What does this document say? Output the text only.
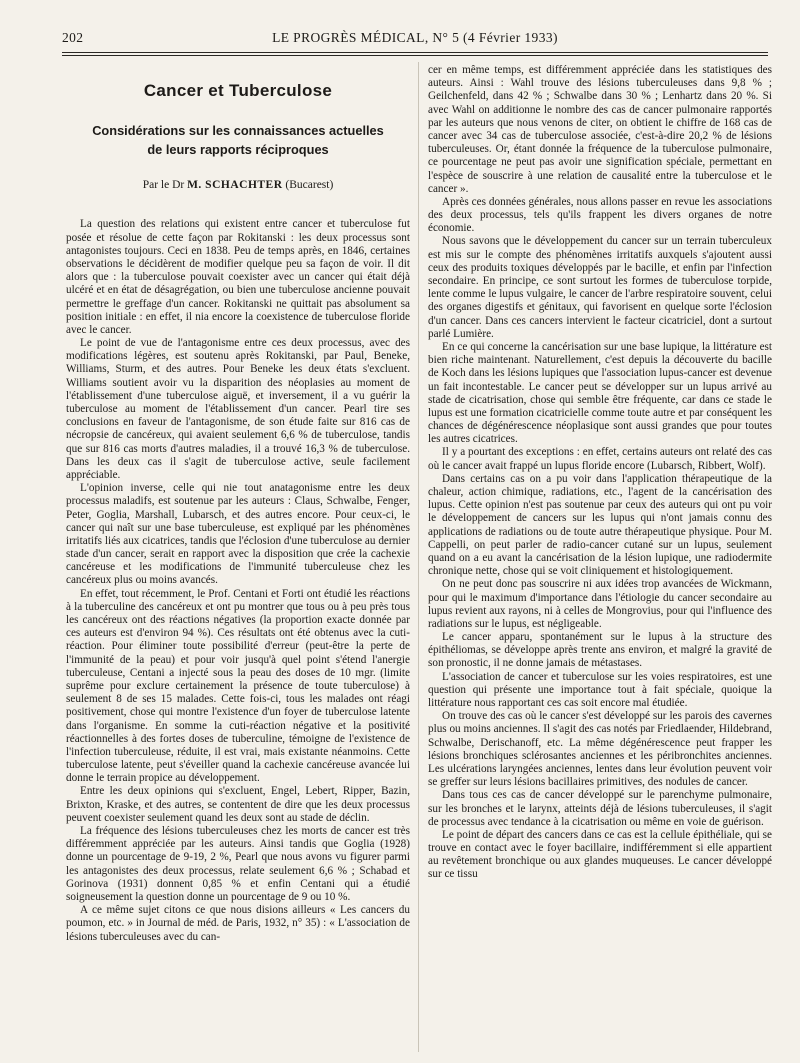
202	LE PROGRÈS MÉDICAL, N° 5 (4 Février 1933)
Cancer et Tuberculose
Considérations sur les connaissances actuelles
de leurs rapports réciproques
Par le Dr M. SCHACHTER (Bucarest)

La question des relations qui existent entre cancer et tuberculose fut posée et résolue de cette façon par Rokitanski : les deux processus sont antagonistes toujours. Ceci en 1838. Peu de temps après, en 1846, certaines observations le décidèrent de modifier quelque peu sa façon de voir. Il dit alors que : la tuberculose pouvait coexister avec un cancer qui était déjà ulcéré et en état de désagrégation, ou bien une tuberculose ancienne pouvait permettre le greffage d'un cancer. Rokitanski ne quittait pas absolument sa position initiale : en effet, il nia encore la coexistence de tuberculose floride avec le cancer.

Le point de vue de l'antagonisme entre ces deux processus, avec des modifications légères, est soutenu après Rokitanski, par Paul, Beneke, Williams, Sturm, et des autres. Pour Beneke les deux états s'excluent. Williams soutient avoir vu la disparition des néoplasies au moment de l'établissement d'une tuberculose aiguë, et inversement, il a vu guérir la tuberculose au moment de l'établissement d'un cancer. Pearl tire ses conclusions en faveur de l'antagonisme, de son étude faite sur 816 cas de nécropsie de cancéreux, qui avaient seulement 6,6 % de tuberculose, tandis que sur 816 cas morts d'autres maladies, il a trouvé 16,3 % de tuberculose. Dans les deux cas il s'agit de tuberculose active, seule facilement appréciable.

L'opinion inverse, celle qui nie tout anatagonisme entre les deux processus maladifs, est soutenue par les auteurs : Claus, Schwalbe, Fenger, Peter, Goglia, Marshall, Lubarsch, et des autres encore. Pour ceux-ci, le cancer qui naît sur une base tuberculeuse, est expliqué par les phénomènes irritatifs liés aux cicatrices, tandis que l'éclosion d'une tuberculose au dernier stade d'un cancer, serait en rapport avec la disposition que crée la cachexie cancéreuse et les modifications de l'immunité tuberculeuse chez les cancéreux plus ou moins avancés.

En effet, tout récemment, le Prof. Centani et Forti ont étudié les réactions à la tuberculine des cancéreux et ont pu montrer que tous ou à peu près tous les cancéreux ont des réactions négatives (la proportion exacte donnée par ces auteurs est d'environ 94 %). Ces résultats ont été obtenus avec la cuti-réaction. Pour éliminer toute possibilité d'erreur (peut-être la perte de l'immunité de la peau) et pour voir jusqu'à quel point s'étend l'anergie tuberculeuse, Centani a injecté sous la peau des doses de 10 mgr. (limite suprême pour exclure certainement la présence de toute tuberculose) à seulement 8 de ses 15 malades. Cette fois-ci, tous les malades ont réagi positivement, chose qui montre l'existence d'un foyer de tuberculose latente dans l'organisme. En somme la cuti-réaction négative et la positivité réactionnelles à des fortes doses de tuberculine, témoigne de l'existence de l'infection tuberculeuse, réduite, il est vrai, mais existante néanmoins. Cette tuberculose latente, peut s'éveiller quand la cachexie cancéreuse avancée lui donne le terrain propice au développement.

Entre les deux opinions qui s'excluent, Engel, Lebert, Ripper, Bazin, Brixton, Kraske, et des autres, se contentent de dire que les deux processus peuvent coexister seulement quand les deux sont au stade de déclin.

La fréquence des lésions tuberculeuses chez les morts de cancer est très différemment appréciée par les auteurs. Ainsi tandis que Goglia (1928) donne un pourcentage de 9-19, 2 %, Pearl que nous avons vu figurer parmi les antagonistes des deux processus, relate seulement 6,6 % ; Schabad et Gorinova (1931) donnent 0,85 % et enfin Centani qui a étudié soigneusement la question donne un pourcentage de 9 ou 10 %.

A ce même sujet citons ce que nous disions ailleurs « Les cancers du poumon, etc. » in Journal de méd. de Paris, 1932, n° 35) : « L'association de lésions tuberculeuses avec du can-

cer en même temps, est différemment appréciée dans les statistiques des auteurs. Ainsi : Wahl trouve des lésions tuberculeuses dans 9,8 % ; Geilchenfeld, dans 42 % ; Schwalbe dans 30 % ; Lenhartz dans 20 %. Si avec Wahl on additionne le nombre des cas de cancer pulmonaire rapportés par les auteurs que nous venons de citer, on obtient le chiffre de 168 cas de cancer avec 34 cas de tuberculose associée, c'est-à-dire 20,2 % de lésions tuberculeuses. Or, étant donnée la fréquence de la tuberculose pulmonaire, ce pourcentage ne peut pas avoir une signification spéciale, permettant en l'espèce de souscrire à une relation de causalité entre la tuberculose et le cancer ».

Après ces données générales, nous allons passer en revue les associations des deux processus, tels qu'ils frappent les divers organes de notre économie.

Nous savons que le développement du cancer sur un terrain tuberculeux est mis sur le compte des phénomènes irritatifs auxquels s'ajoutent aussi ceux des produits toxiques développés par le bacille, et enfin par l'infection secondaire. En principe, ce sont surtout les formes de tuberculose torpide, lente comme le lupus vulgaire, le cancer de l'arbre respiratoire souvent, celui des organes digestifs et génitaux, qui favorisent en quelque sorte l'éclosion d'un cancer. Dans ces cancers intervient le facteur cicatriciel, dont a surtout parlé Lumière.

En ce qui concerne la cancérisation sur une base lupique, la littérature est bien riche maintenant. Naturellement, c'est depuis la découverte du bacille de Koch dans les lésions lupiques que l'association lupus-cancer est devenue un fait incontestable. Le cancer peut se développer sur un lupus arrivé au stade de cicatrisation, chose qui semble être fréquente, car dans ce stade le lupus est une formation cicatricielle comme toute autre et par conséquent les chances de dégénérescence néoplasique sont aussi grandes que pour toutes les autres cicatrices.

Il y a pourtant des exceptions : en effet, certains auteurs ont relaté des cas où le cancer avait frappé un lupus floride encore (Lubarsch, Ribbert, Wolf).

Dans certains cas on a pu voir dans l'application thérapeutique de la chaleur, action chimique, radiations, etc., l'agent de la cancérisation des lupus. Cette opinion n'est pas soutenue par ceux des auteurs qui ont pu voir le développement de cancers sur les lupus qui n'ont jamais connu des applications de radiations ou de toute autre thérapeutique physique. Pour M. Cappelli, on peut parler de radio-cancer cutané sur un lupus, seulement quand on a eu avant la cancérisation de la lésion lupique, une radiodermite chronique nette, chose qui se voit cliniquement et histologiquement.

On ne peut donc pas souscrire ni aux idées trop avancées de Wickmann, pour qui le maximum d'importance dans l'étiologie du cancer secondaire au lupus revient aux rayons, ni à celles de Mongrovius, pour qui l'influence des radiations sur le lupus, est négligeable.

Le cancer apparu, spontanément sur le lupus à la structure des épithéliomas, se développe après trente ans environ, et malgré la gravité de son pronostic, il ne donne jamais de métastases.

L'association de cancer et tuberculose sur les voies respiratoires, est une question qui présente une importance tout à fait spéciale, quoique la littérature nous rapportant ces cas soit encore mal étudiée.

On trouve des cas où le cancer s'est développé sur les parois des cavernes plus ou moins anciennes. Il s'agit des cas notés par Friedlaender, Hildebrand, Schwalbe, Derischanoff, etc. La même dégénérescence peut frapper les lésions bronchiques sclérosantes anciennes et les péribronchites anciennes. Les ulcérations laryngées anciennes, lentes dans leur évolution peuvent voir se greffer sur leurs lésions bacillaires primitives, des nodules de cancer.

Dans tous ces cas de cancer développé sur le parenchyme pulmonaire, sur les bronches et le larynx, atteints déjà de lésions tuberculeuses, il s'agit de processus avec tendance à la cicatrisation ou même en voie de guérison.

Le point de départ des cancers dans ce cas est la cellule épithéliale, qui se trouve en contact avec le foyer bacillaire, indifféremment si elle appartient au revêtement bronchique ou aux glandes muqueuses. Le cancer développé sur ce tissu
